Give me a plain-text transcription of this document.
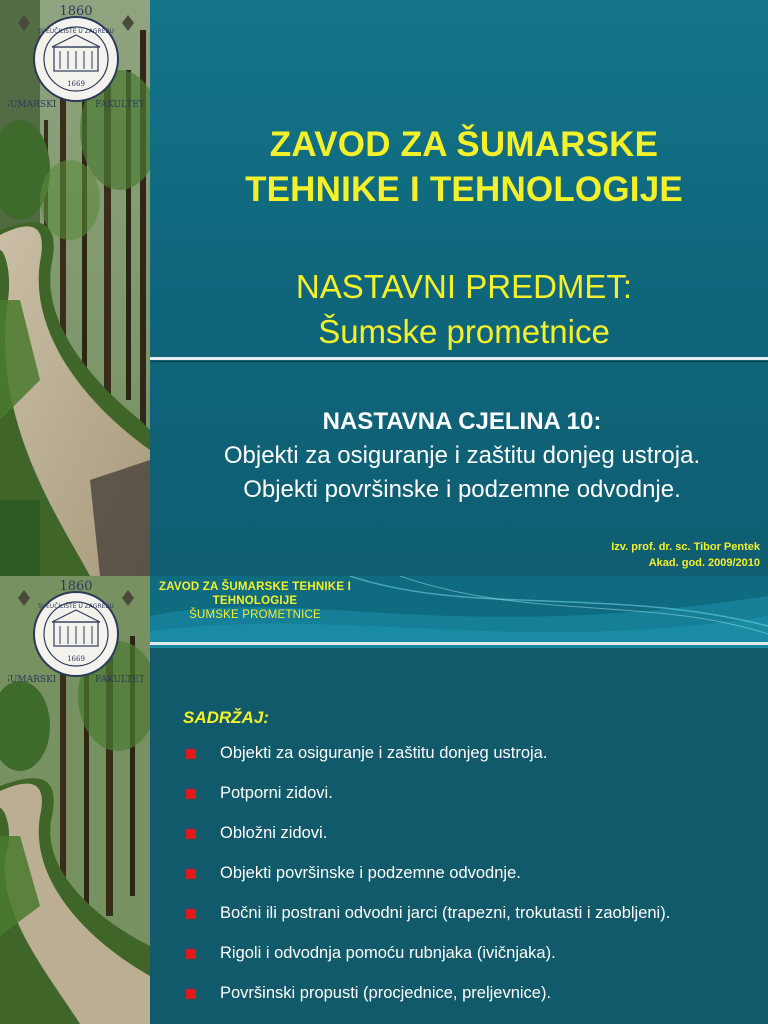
1860
SVEUČILIŠTE U ZAGREBU
1669
ŠUMARSKI	FAKULTET
ZAVOD ZA ŠUMARSKE
TEHNIKE I TEHNOLOGIJE
NASTAVNI PREDMET:
Šumske prometnice
NASTAVNA CJELINA 10:
Objekti za osiguranje i zaštitu donjeg ustroja.
Objekti površinske i podzemne odvodnje.
Izv. prof. dr. sc. Tibor Pentek
Akad. god. 2009/2010
1860
SVEUČILIŠTE U ZAGREBU
1669
ŠUMARSKI	FAKULTET
ZAVOD ZA ŠUMARSKE TEHNIKE I
TEHNOLOGIJE
ŠUMSKE PROMETNICE
SADRŽAJ:
Objekti za osiguranje i zaštitu donjeg ustroja.
Potporni zidovi.
Obložni zidovi.
Objekti površinske i podzemne odvodnje.
Bočni ili postrani odvodni jarci (trapezni, trokutasti i zaobljeni).
Rigoli i odvodnja pomoću rubnjaka (ivičnjaka).
Površinski propusti (procjednice, preljevnice).
